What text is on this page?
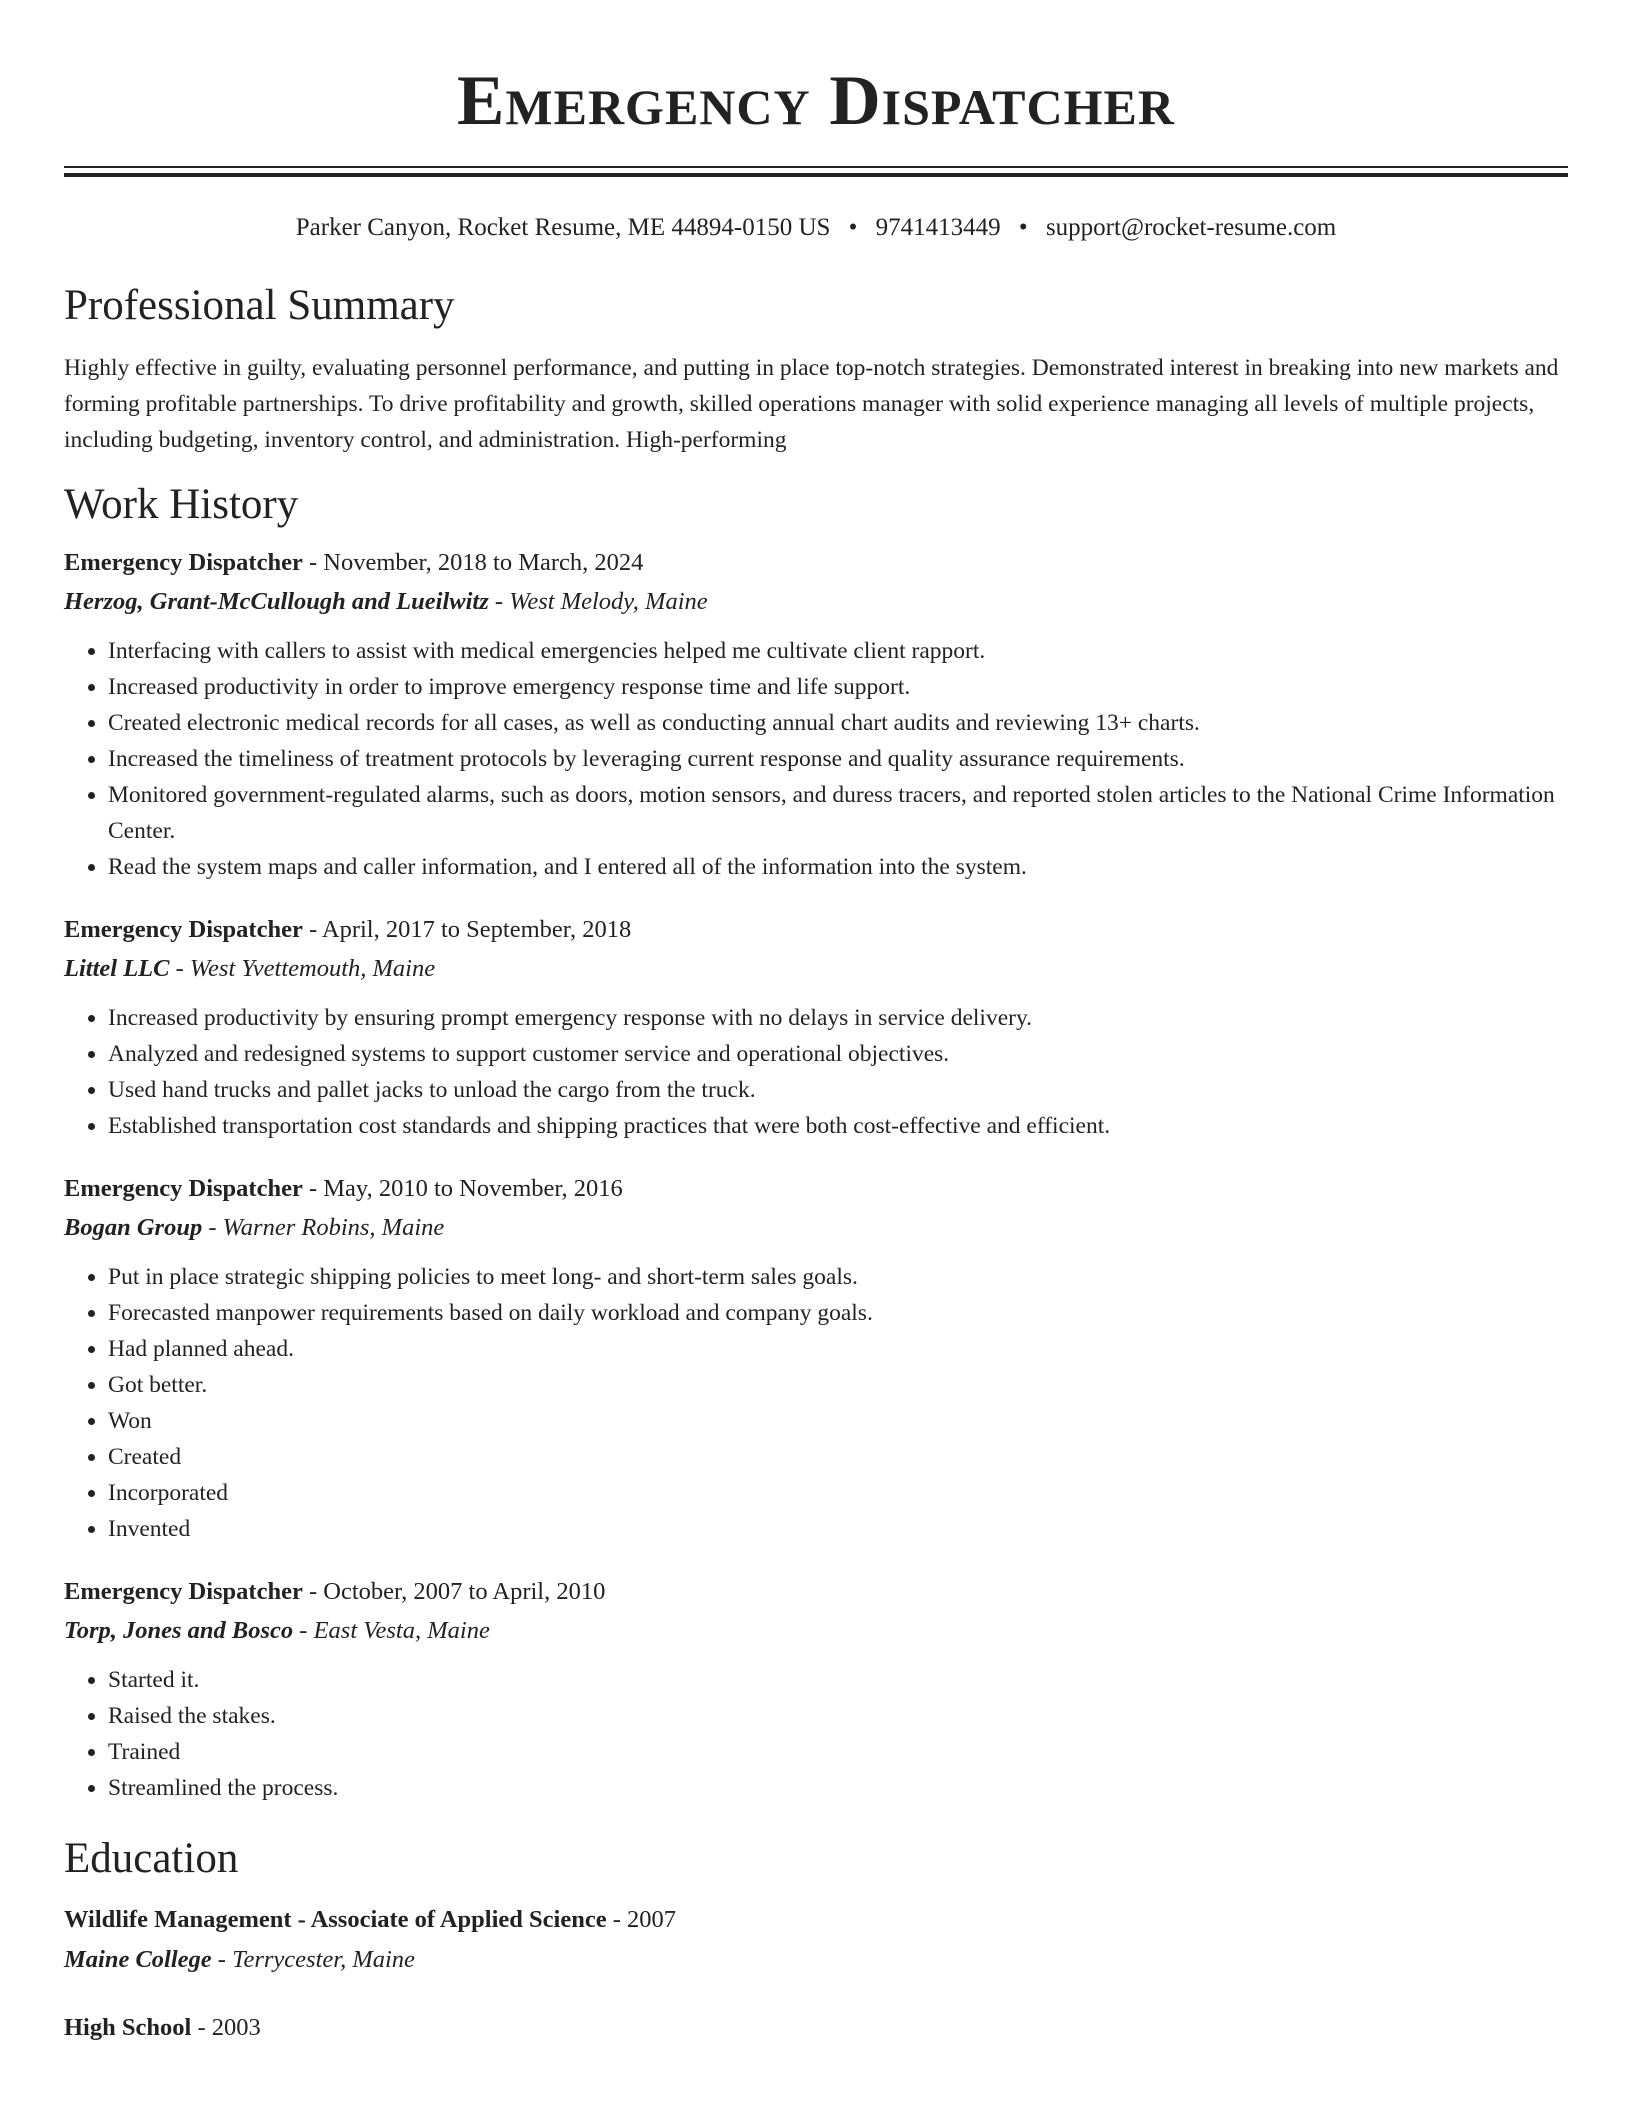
Emergency Dispatcher
Parker Canyon, Rocket Resume, ME 44894-0150 US • 9741413449 • support@rocket-resume.com
Professional Summary
Highly effective in guilty, evaluating personnel performance, and putting in place top-notch strategies. Demonstrated interest in breaking into new markets and forming profitable partnerships. To drive profitability and growth, skilled operations manager with solid experience managing all levels of multiple projects, including budgeting, inventory control, and administration. High-performing
Work History
Emergency Dispatcher - November, 2018 to March, 2024
Herzog, Grant-McCullough and Lueilwitz - West Melody, Maine
• Interfacing with callers to assist with medical emergencies helped me cultivate client rapport.
• Increased productivity in order to improve emergency response time and life support.
• Created electronic medical records for all cases, as well as conducting annual chart audits and reviewing 13+ charts.
• Increased the timeliness of treatment protocols by leveraging current response and quality assurance requirements.
• Monitored government-regulated alarms, such as doors, motion sensors, and duress tracers, and reported stolen articles to the National Crime Information Center.
• Read the system maps and caller information, and I entered all of the information into the system.
Emergency Dispatcher - April, 2017 to September, 2018
Littel LLC - West Yvettemouth, Maine
• Increased productivity by ensuring prompt emergency response with no delays in service delivery.
• Analyzed and redesigned systems to support customer service and operational objectives.
• Used hand trucks and pallet jacks to unload the cargo from the truck.
• Established transportation cost standards and shipping practices that were both cost-effective and efficient.
Emergency Dispatcher - May, 2010 to November, 2016
Bogan Group - Warner Robins, Maine
• Put in place strategic shipping policies to meet long- and short-term sales goals.
• Forecasted manpower requirements based on daily workload and company goals.
• Had planned ahead.
• Got better.
• Won
• Created
• Incorporated
• Invented
Emergency Dispatcher - October, 2007 to April, 2010
Torp, Jones and Bosco - East Vesta, Maine
• Started it.
• Raised the stakes.
• Trained
• Streamlined the process.
Education
Wildlife Management - Associate of Applied Science - 2007
Maine College - Terrycester, Maine
High School - 2003
